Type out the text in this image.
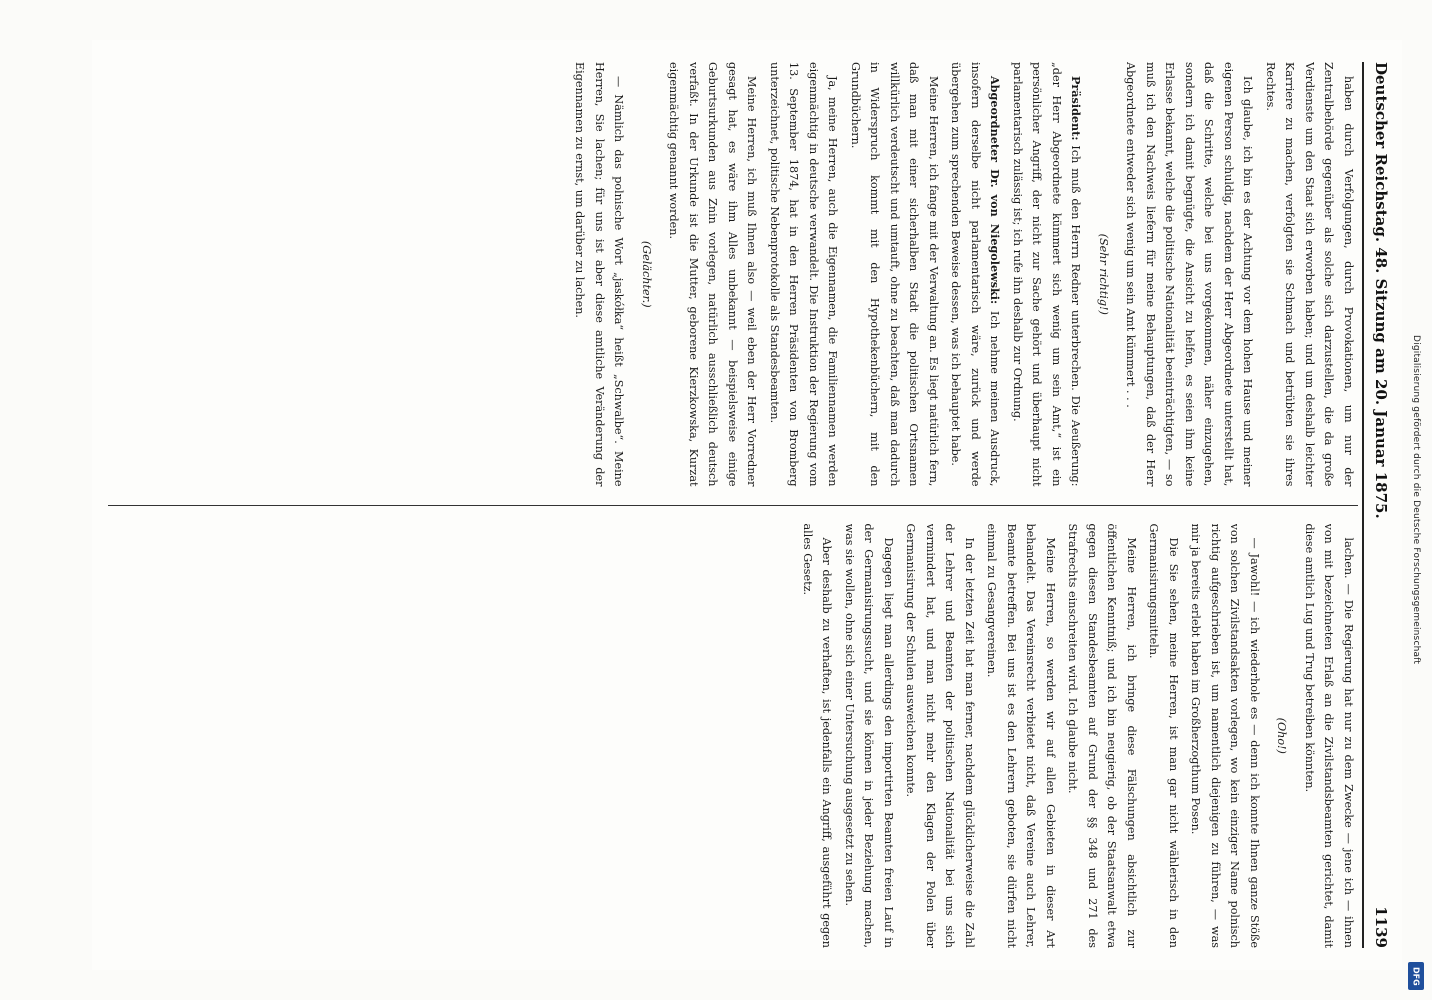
Deutscher Reichstag. 48. Sitzung am 20. Januar 1875.
1139

haben durch Verfolgungen, durch Provokationen, um nur der Zentralbehörde gegenüber als solche sich darzustellen, die da große Verdienste um den Staat sich erworben haben; und um deshalb leichter Karriere zu machen, verfolgten sie Schmach und betrübten sie ihres Rechtes.

Ich glaube, ich bin es der Achtung vor dem hohen Hause und meiner eigenen Person schuldig, nachdem der Herr Abgeordnete unterstellt hat, daß die Schritte, welche bei uns vorgekommen, näher einzugehen, sondern ich damit begnügte, die Ansicht zu helfen, es seien ihm keine Erlasse bekannt, welche die politische Nationalität beeinträchtigten, — so muß ich den Nachweis liefern für meine Behauptungen, daß der Herr Abgeordnete entweder sich wenig um sein Amt kümmert . . .

(Sehr richtig!)

Präsident: Ich muß den Herrn Redner unterbrechen. Die Aeußerung: „der Herr Abgeordnete kümmert sich wenig um sein Amt,“ ist ein persönlicher Angriff, der nicht zur Sache gehört und überhaupt nicht parlamentarisch zulässig ist; ich rufe ihn deshalb zur Ordnung.

Abgeordneter Dr. von Niegolewski: Ich nehme meinen Ausdruck, insofern derselbe nicht parlamentarisch wäre, zurück und werde übergehen zum sprechenden Beweise dessen, was ich behauptet habe.

Meine Herren, ich fange mit der Verwaltung an. Es liegt natürlich fern, daß man mit einer sicherhalben Stadt die politischen Ortsnamen willkürlich verdeutscht und umtauft, ohne zu beachten, daß man dadurch in Widerspruch kommt mit den Hypothekenbüchern, mit den Grundbüchern.

Ja, meine Herren, auch die Eigennamen, die Familiennamen werden eigenmächtig in deutsche verwandelt. Die Instruktion der Regierung vom 13. September 1874, hat in den Herren Präsidenten von Bromberg unterzeichnet, politische Nebenprotokolle als Standesbeamten.

Meine Herren, ich muß Ihnen also — weil eben der Herr Vorredner gesagt hat, es wäre ihm Alles unbekannt — beispielsweise einige Geburtsurkunden aus Znin vorlegen, natürlich ausschließlich deutsch verfaßt. In der Urkunde ist die Mutter, geborene Kierzkowska, Kurzat eigenmächtig genannt worden.

(Gelächter.)

— Nämlich das polnische Wort „jaskółka“ heißt „Schwalbe“. Meine Herren, Sie lachen; für uns ist aber diese amtliche Veränderung der Eigennamen zu ernst, um darüber zu lachen.

lachen. — Die Regierung hat nur zu dem Zwecke — jene ich — ihnen von mit bezeichneten Erlaß an die Zivilstandsbeamten gerichtet, damit diese amtlich Lug und Trug betreiben könnten.

(Oho!)

— Jawohl! — ich wiederhole es — denn ich konnte Ihnen ganze Stöße von solchen Zivilstandsakten vorlegen, wo kein einziger Name polnisch richtig aufgeschrieben ist, um namentlich diejenigen zu führen, — was mir ja bereits erlebt haben im Großherzogthum Posen.

Die Sie sehen, meine Herren, ist man gar nicht wählerisch in den Germanisirungsmitteln.

Meine Herren, ich bringe diese Fälschungen absichtlich zur öffentlichen Kenntniß; und ich bin neugierig, ob der Staatsanwalt etwa gegen diesen Standesbeamten auf Grund der §§ 348 und 271 des Strafrechts einschreiten wird. Ich glaube nicht.

Meine Herren, so werden wir auf allen Gebieten in dieser Art behandelt. Das Vereinsrecht verbietet nicht, daß Vereine auch Lehrer, Beamte betreffen. Bei uns ist es den Lehrern geboten, sie dürfen nicht einmal zu Gesangvereinen.

In der letzten Zeit hat man ferner, nachdem glücklicherweise die Zahl der Lehrer und Beamten der politischen Nationalität bei uns sich vermindert hat, und man nicht mehr den Klagen der Polen über Germanisirung der Schulen ausweichen konnte.

Dagegen liegt man allerdings den importirten Beamten freien Lauf in der Germanisirungssucht, und sie können in jeder Beziehung machen, was sie wollen, ohne sich einer Untersuchung ausgesetzt zu sehen.

Aber deshalb zu verhaften, ist jedenfalls ein Angriff, ausgeführt gegen alles Gesetz.	Digitalisierung gefördert durch die Deutsche Forschungsgemeinschaft
DFG
